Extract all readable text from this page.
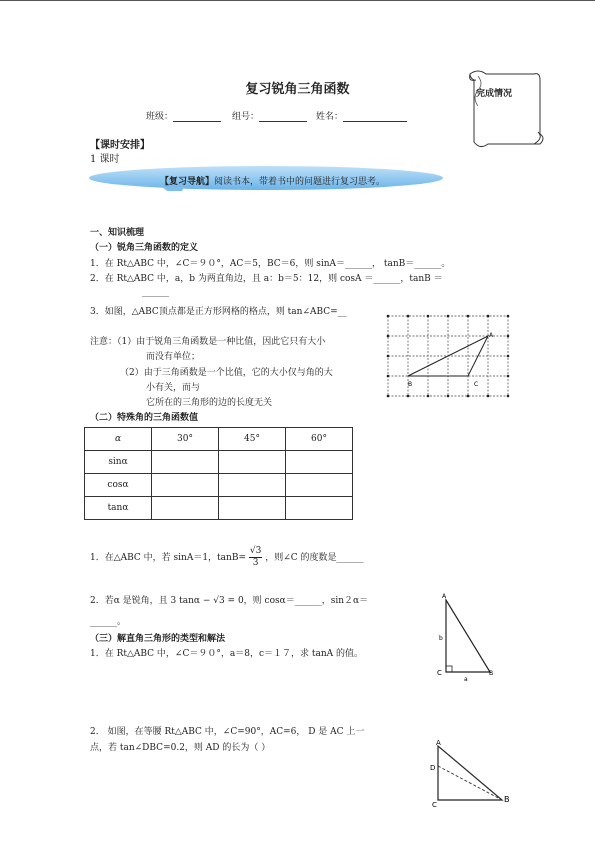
复习锐角三角函数
班级：	组号：	姓名：
完成情况
【课时安排】
1 课时
【复习导航】阅读书本，带着书中的问题进行复习思考。
一、知识梳理
（一）锐角三角函数的定义
1．在 Rt△ABC 中，∠C＝９０°，AC＝5，BC＝6，则 sinA＝______， tanB＝______。
2．在 Rt△ABC 中，a，b 为两直角边，且 a：b＝5：12，则 cosA ＝______，tanB ＝
______
3．如图，△ABC顶点都是正方形网格的格点，则 tan∠ABC=__
注意：（1）由于锐角三角函数是一种比值，因此它只有大小
而没有单位；
（2）由于三角函数是一个比值，它的大小仅与角的大
小有关，而与
它所在的三角形的边的长度无关
A
B	C
（二）特殊角的三角函数值
α	30°	45°	60°
sinα			
cosα			
tanα			
1．在△ABC 中，若 sinA＝1，$\tan B= \frac{√3}{3}$ ，则∠C 的度数是______
2．若α 是锐角，且 3 tanα − √3 = 0，则 cosα＝______，sin２α＝
______。
（三）解直角三角形的类型和解法
1．在 Rt△ABC 中，∠C＝９０°，a＝8，c＝１７，求 tanA 的值。
A
C	B
b
a
2． 如图，在等腰 Rt△ABC 中，∠C=90°，AC=6， D 是 AC 上一
点，若 tan∠DBC=0.2，则 AD 的长为（ ）	A
D
C
B
